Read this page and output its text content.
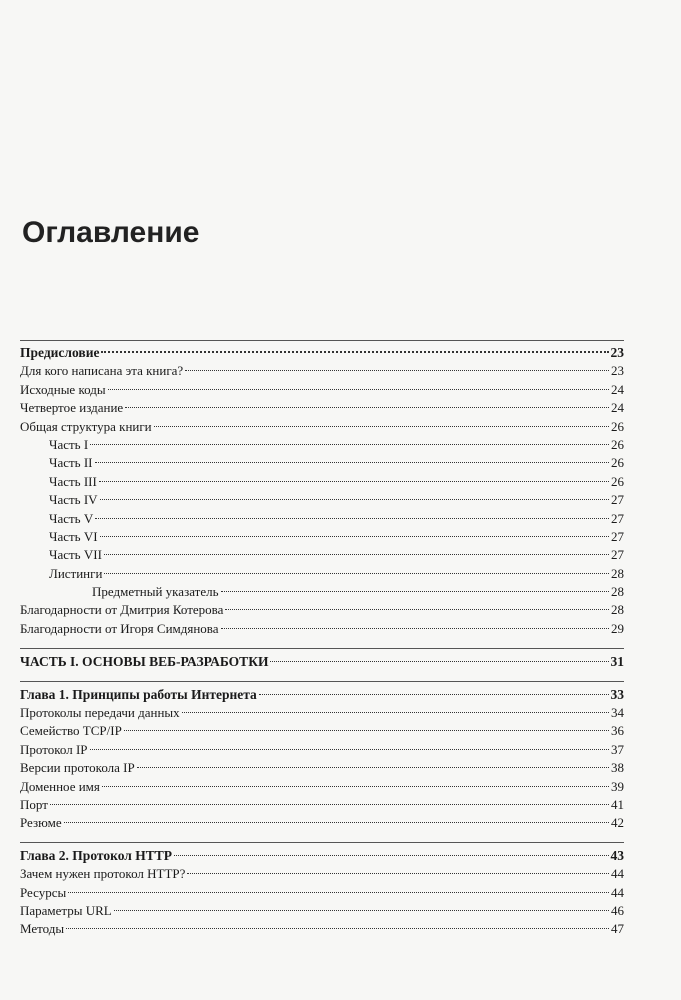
Оглавление
Предисловие	23
Для кого написана эта книга?	23
Исходные коды	24
Четвертое издание	24
Общая структура книги	26
Часть I	26
Часть II	26
Часть III	26
Часть IV	27
Часть V	27
Часть VI	27
Часть VII	27
Листинги	28
Предметный указатель	28
Благодарности от Дмитрия Котерова	28
Благодарности от Игоря Симдянова	29
ЧАСТЬ I. ОСНОВЫ ВЕБ-РАЗРАБОТКИ	31
Глава 1. Принципы работы Интернета	33
Протоколы передачи данных	34
Семейство TCP/IP	36
Протокол IP	37
Версии протокола IP	38
Доменное имя	39
Порт	41
Резюме	42
Глава 2. Протокол HTTP	43
Зачем нужен протокол HTTP?	44
Ресурсы	44
Параметры URL	46
Методы	47
